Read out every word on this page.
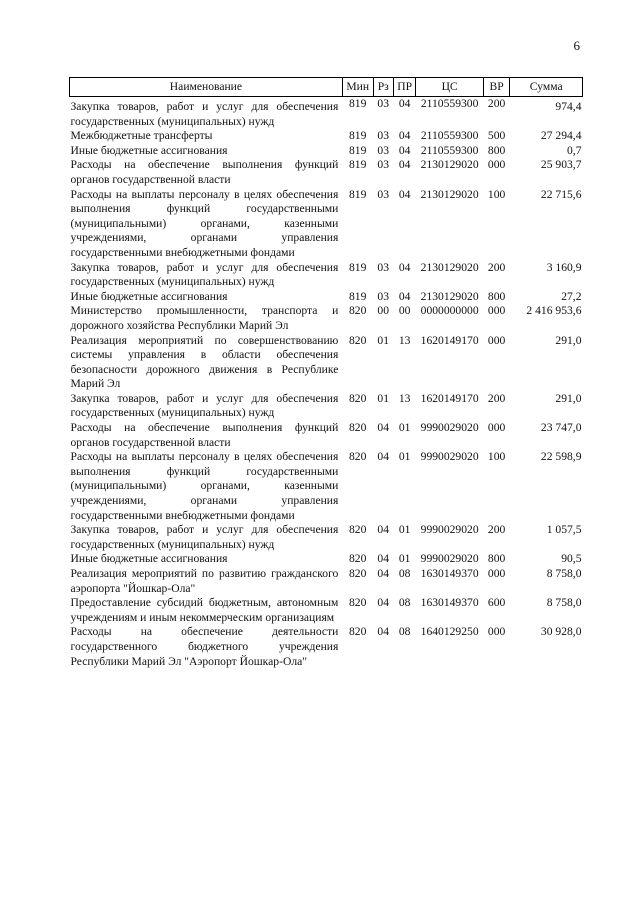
6
Наименование	Мин	Рз	ПР	ЦС	ВР	Сумма
Закупка товаров, работ и услуг для обеспечения государственных (муниципальных) нужд	819	03	04	2110559300	200	974,4
Межбюджетные трансферты	819	03	04	2110559300	500	27 294,4
Иные бюджетные ассигнования	819	03	04	2110559300	800	0,7
Расходы на обеспечение выполнения функций органов государственной власти	819	03	04	2130129020	000	25 903,7
Расходы на выплаты персоналу в целях обеспечения выполнения функций государственными (муниципальными) органами, казенными учреждениями, органами управления государственными внебюджетными фондами	819	03	04	2130129020	100	22 715,6
Закупка товаров, работ и услуг для обеспечения государственных (муниципальных) нужд	819	03	04	2130129020	200	3 160,9
Иные бюджетные ассигнования	819	03	04	2130129020	800	27,2
Министерство промышленности, транспорта и дорожного хозяйства Республики Марий Эл	820	00	00	0000000000	000	2 416 953,6
Реализация мероприятий по совершенствованию системы управления в области обеспечения безопасности дорожного движения в Республике Марий Эл	820	01	13	1620149170	000	291,0
Закупка товаров, работ и услуг для обеспечения государственных (муниципальных) нужд	820	01	13	1620149170	200	291,0
Расходы на обеспечение выполнения функций органов государственной власти	820	04	01	9990029020	000	23 747,0
Расходы на выплаты персоналу в целях обеспечения выполнения функций государственными (муниципальными) органами, казенными учреждениями, органами управления государственными внебюджетными фондами	820	04	01	9990029020	100	22 598,9
Закупка товаров, работ и услуг для обеспечения государственных (муниципальных) нужд	820	04	01	9990029020	200	1 057,5
Иные бюджетные ассигнования	820	04	01	9990029020	800	90,5
Реализация мероприятий по развитию гражданского аэропорта "Йошкар-Ола"	820	04	08	1630149370	000	8 758,0
Предоставление субсидий бюджетным, автономным учреждениям и иным некоммерческим организациям	820	04	08	1630149370	600	8 758,0
Расходы на обеспечение деятельности государственного бюджетного учреждения Республики Марий Эл "Аэропорт Йошкар-Ола"	820	04	08	1640129250	000	30 928,0
